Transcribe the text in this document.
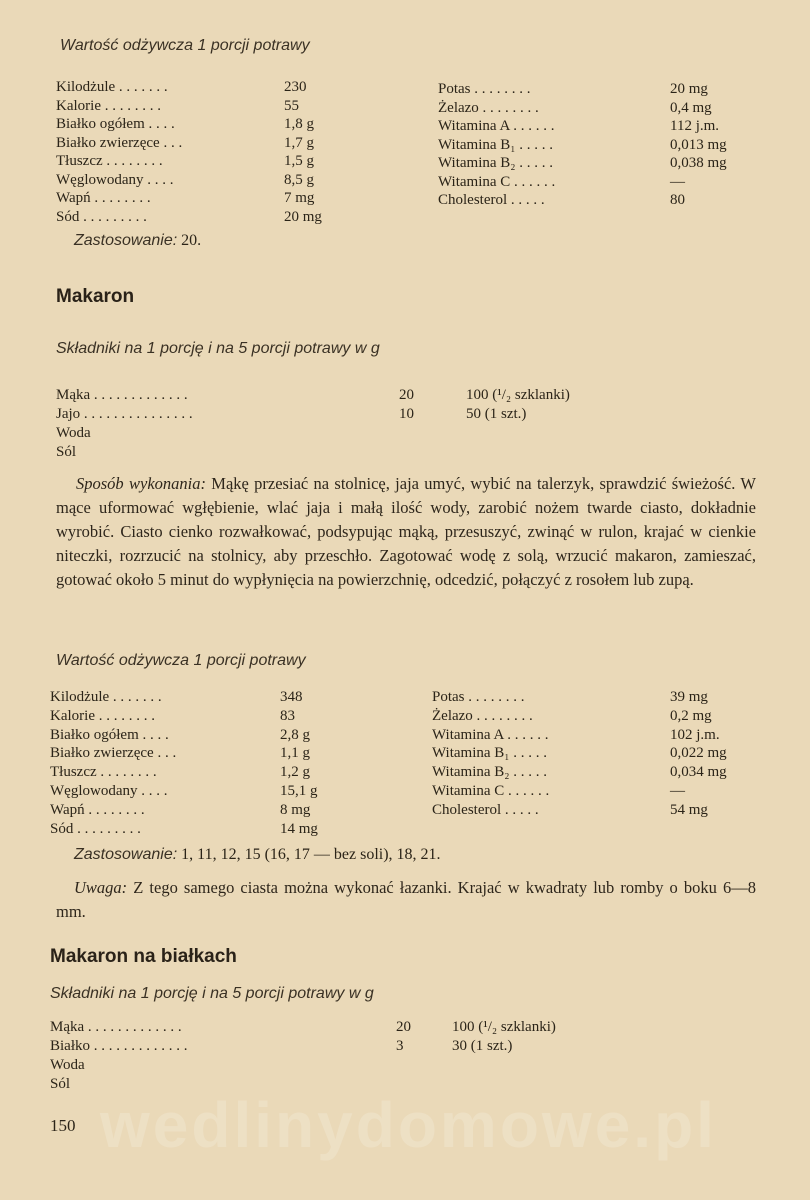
Wartość odżywcza 1 porcji potrawy
Kilodżule . . . . . . .	230
Kalorie . . . . . . . .	55
Białko ogółem . . . .	1,8 g
Białko zwierzęce . . .	1,7 g
Tłuszcz . . . . . . . .	1,5 g
Węglowodany . . . .	8,5 g
Wapń . . . . . . . .	7 mg
Sód . . . . . . . . .	20 mg
Potas . . . . . . . .	20 mg
Żelazo . . . . . . . .	0,4 mg
Witamina A . . . . . .	112 j.m.
Witamina B₁ . . . . .	0,013 mg
Witamina B₂ . . . . .	0,038 mg
Witamina C . . . . . .	—
Cholesterol . . . . .	80
Zastosowanie: 20.
Makaron
Składniki na 1 porcję i na 5 porcji potrawy w g
Mąka . . . . . . . . . . . . .	20	100 (¹/₂ szklanki)
Jajo . . . . . . . . . . . . . . .	10	50 (1 szt.)
Woda
Sól
Sposób wykonania: Mąkę przesiać na stolnicę, jaja umyć, wybić na talerzyk, sprawdzić świeżość. W mące uformować wgłębienie, wlać jaja i małą ilość wody, zarobić nożem twarde ciasto, dokładnie wyrobić. Ciasto cienko rozwałkować, podsypując mąką, przesuszyć, zwinąć w rulon, krajać w cienkie niteczki, rozrzucić na stolnicy, aby przeschło. Zagotować wodę z solą, wrzucić makaron, zamieszać, gotować około 5 minut do wypłynięcia na powierzchnię, odcedzić, połączyć z rosołem lub zupą.
Wartość odżywcza 1 porcji potrawy
Kilodżule . . . . . . .	348
Kalorie . . . . . . . .	83
Białko ogółem . . . .	2,8 g
Białko zwierzęce . . .	1,1 g
Tłuszcz . . . . . . . .	1,2 g
Węglowodany . . . .	15,1 g
Wapń . . . . . . . .	8 mg
Sód . . . . . . . . .	14 mg
Potas . . . . . . . .	39 mg
Żelazo . . . . . . . .	0,2 mg
Witamina A . . . . . .	102 j.m.
Witamina B₁ . . . . .	0,022 mg
Witamina B₂ . . . . .	0,034 mg
Witamina C . . . . . .	—
Cholesterol . . . . .	54 mg
Zastosowanie: 1, 11, 12, 15 (16, 17 — bez soli), 18, 21.
Uwaga: Z tego samego ciasta można wykonać łazanki. Krajać w kwadraty lub romby o boku 6—8 mm.
Makaron na białkach
Składniki na 1 porcję i na 5 porcji potrawy w g
Mąka . . . . . . . . . . . . .	20	100 (¹/₂ szklanki)
Białko . . . . . . . . . . . . .	3	30 (1 szt.)
Woda
Sól
150 wedlinydomowe.pl
